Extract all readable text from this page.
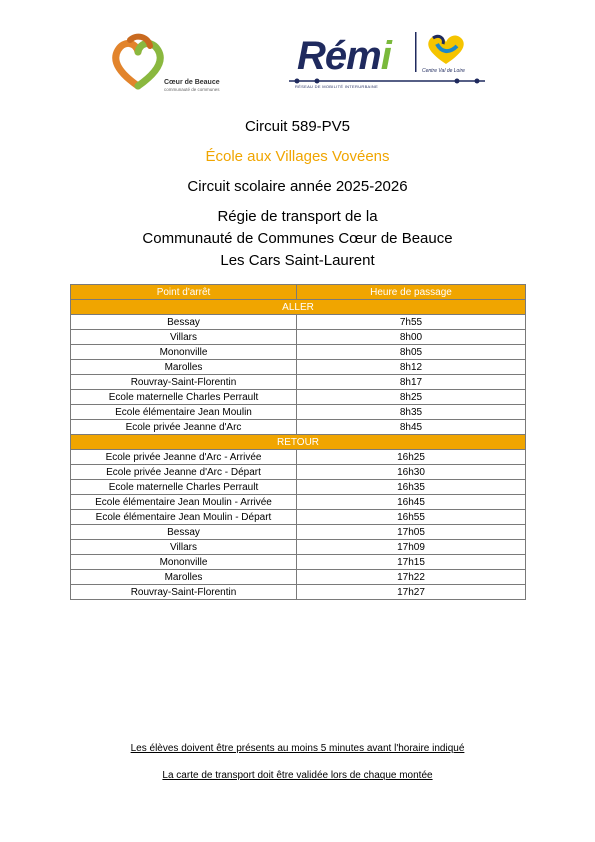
Cœur de Beauce
communauté de communes
Rémi	Centre Val de Loire
RÉSEAU DE MOBILITÉ INTERURBAINE

Circuit 589-PV5

École aux Villages Vovéens

Circuit scolaire année 2025-2026

Régie de transport de la

Communauté de Communes Cœur de Beauce

Les Cars Saint-Laurent

Point d'arrêt	Heure de passage
ALLER	
Bessay	7h55
Villars	8h00
Mononville	8h05
Marolles	8h12
Rouvray-Saint-Florentin	8h17
Ecole maternelle Charles Perrault	8h25
Ecole élémentaire Jean Moulin	8h35
Ecole privée Jeanne d'Arc	8h45
RETOUR	
Ecole privée Jeanne d'Arc - Arrivée	16h25
Ecole privée Jeanne d'Arc - Départ	16h30
Ecole maternelle Charles Perrault	16h35
Ecole élémentaire Jean Moulin - Arrivée	16h45
Ecole élémentaire Jean Moulin - Départ	16h55
Bessay	17h05
Villars	17h09
Mononville	17h15
Marolles	17h22
Rouvray-Saint-Florentin	17h27

Les élèves doivent être présents au moins 5 minutes avant l'horaire indiqué

La carte de transport doit être validée lors de chaque montée
